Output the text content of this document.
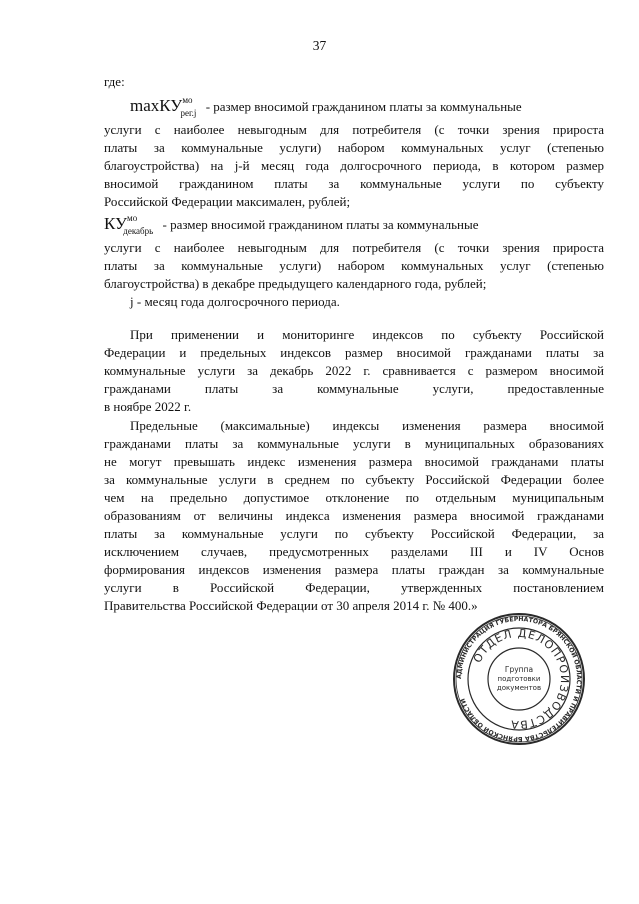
37
где:
maxКУ$^{мо}_{рег.j}$ - размер вносимой гражданином платы за коммунальные
услуги с наиболее невыгодным для потребителя (с точки зрения прироста
платы за коммунальные услуги) набором коммунальных услуг (степенью
благоустройства) на j-й месяц года долгосрочного периода, в котором размер
вносимой гражданином платы за коммунальные услуги по субъекту
Российской Федерации максимален, рублей;
$КУ^{мо}_{декабрь}$ - размер вносимой гражданином платы за коммунальные
услуги с наиболее невыгодным для потребителя (с точки зрения прироста
платы за коммунальные услуги) набором коммунальных услуг (степенью
благоустройства) в декабре предыдущего календарного года, рублей;
j - месяц года долгосрочного периода.
При применении и мониторинге индексов по субъекту Российской
Федерации и предельных индексов размер вносимой гражданами платы за
коммунальные услуги за декабрь 2022 г. сравнивается с размером вносимой
гражданами платы за коммунальные услуги, предоставленные
в ноябре 2022 г.
Предельные (максимальные) индексы изменения размера вносимой
гражданами платы за коммунальные услуги в муниципальных образованиях
не могут превышать индекс изменения размера вносимой гражданами платы
за коммунальные услуги в среднем по субъекту Российской Федерации более
чем на предельно допустимое отклонение по отдельным муниципальным
образованиям от величины индекса изменения размера вносимой гражданами
платы за коммунальные услуги по субъекту Российской Федерации, за
исключением случаев, предусмотренных разделами III и IV Основ
формирования индексов изменения размера платы граждан за коммунальные
услуги в Российской Федерации, утвержденных постановлением
Правительства Российской Федерации от 30 апреля 2014 г. № 400.»
АДМИНИСТРАЦИЯ ГУБЕРНАТОРА БРЯНСКОЙ ОБЛАСТИ И ПРАВИТЕЛЬСТВА БРЯНСКОЙ ОБЛАСТИ
ОТДЕЛ ДЕЛОПРОИЗВОДСТВА
Группа
подготовки
документов
